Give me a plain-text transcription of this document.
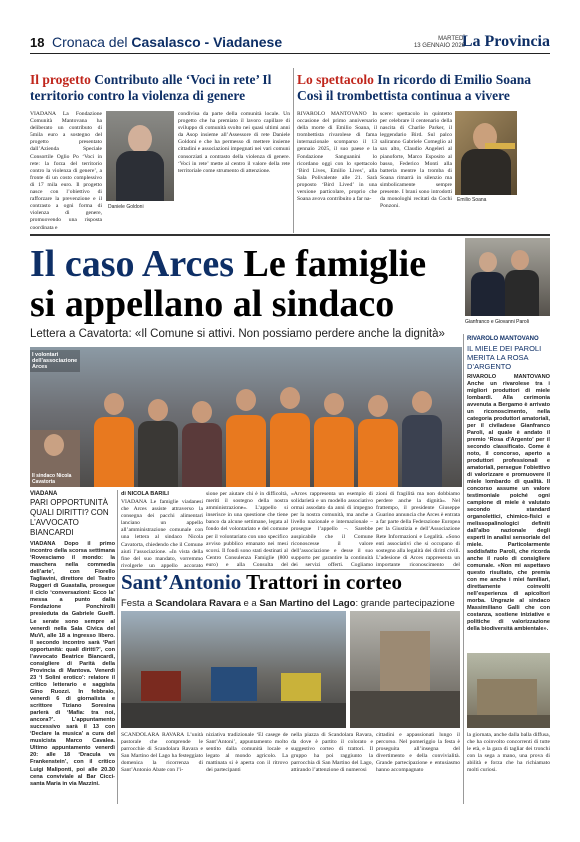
18 Cronaca del Casalasco - Viadanese	MARTEDÌ
13 GENNAIO 2026
La Provincia
Il progetto Contributo alle ‘Voci in rete’ Il territorio contro la violenza di genere
VIADANA La Fondazione Comunità Mantovana ha deliberato un contributo di 5mila euro a sostegno del progetto presentato dall’Azienda Speciale Consortile Oglio Po ‘Voci in rete: la forza del territorio contro la violenza di genere’, a fronte di un costo complessivo di 17 mila euro. Il progetto nasce con l’obiettivo di rafforzare la prevenzione e il contrasto a ogni forma di violenza di genere, promuovendo una risposta coordinata e
Daniele Goldoni
condivisa da parte della comunità locale. Un progetto che ha premiato il lavoro capillare di sviluppo di comunità svolto nei quasi ultimi anni da Asop insieme all’Assessore di rete Daniele Goldoni e che ha permesso di mettere insieme cittadini e associazioni impegnati nei vari comuni consorziati a contrasto della violenza di genere. ‘Voci in rete’ mette al centro il valore della rete territoriale come strumento di attenzione.
Lo spettacolo In ricordo di Emilio Soana Così il trombettista continua a vivere
RIVAROLO MANTOVANO In occasione del primo anniversario della morte di Emilio Soana, il trombettista rivarolese di fama internazionale scomparso il 13 gennaio 2025, il suo paese e la Fondazione Sanguanini lo ricordano oggi con lo spettacolo ‘Bird Lives, Emilio Lives’, alla Sala Polivalente alle 21. Sarà proposto ‘Bird Lived’ in una versione particolare, proprio che Soana avova contribuito a far na-
scere: spettacolo in quintetto per celebrare il centenario della nascita di Charlie Parker, il leggendario Bird. Sul palco saliranno Gabriele Comeglio al sax alto, Claudio Angeleri al pianoforte, Marco Esposito al basso, Federico Monti alla batteria mentre la tromba di Soana rimarrà in silenzio ma simbolicamente sempre presente. I brani sono introdotti da monologhi recitati da Cochi Ponzoni.
Emilio Soana
Il caso Arces Le famiglie si appellano al sindaco
Lettera a Cavatorta: «Il Comune si attivi. Non possiamo perdere anche la dignità»
Gianfranco e Giovanni Paroli
I volontari dell’associazione Arces
Il sindaco Nicola Cavatorta
RIVAROLO MANTOVANO
IL MIELE DEI PAROLI MERITA LA ROSA D’ARGENTO
RIVAROLO MANTOVANO Anche un rivarolese tra i migliori produttori di miele lombardi. Alla cerimonia avvenuta a Bergamo è arrivato un riconoscimento, nella categoria produttori amatoriali, per il civiladese Gianfranco Paroli, al quale è andato il premio ‘Rosa d’Argento’ per il secondo classificato. Come è noto, il concorso, aperto a produttori professionali e amatoriali, persegue l’obiettivo di valorizzare e promuovere il miele lombardo di qualità. Il concorso assume un valore testimoniale poiché ogni campione di miele è valutato secondo standard organolettici, chimico-fisici e melissopalinologici definiti dall’albo nazionale degli esperti in analisi sensoriale del miele. Particolarmente soddisfatto Paroli, che ricorda anche il ruolo di consigliere comunale. «Non mi aspettavo questo risultato, che premia con me anche i miei familiari, direttamente coinvolti nell’esperienza di apicoltori morba. Ungrazie al sindaco Massimiliano Galli che con costanza, sostiene iniziative e politiche di valorizzazione della biodiversità ambientale».
VIADANA
PARI OPPORTUNITÀ QUALI DIRITTI? CON L’AVVOCATO BIANCARDI
VIADANA Dopo il primo incontro della scorsa settimana ‘Rovesciamo il mondo: la maschera nella commedia dell’arte’, con Fiorello Tagliavini, direttore del Teatro Ruggeri di Guastalla, prosegue il ciclo ‘conversazioni: Ecco la’ messa a punto dalla Fondazione Ponchirolli presieduta da Gabriele Guelfi. Le serate sono sempre al venerdì nella Sala Civica del MuVi, alle 18 a ingresso libero. Il secondo incontro sarà ‘Pari opportunità: quali diritti?’, con l’avvocato Beatrice Biancardi, consigliere di Parità della Provincia di Mantova. Venerdì 23 ‘I Solini erotico’: relatore il critico letterario e saggista Gino Ruozzi. In febbraio, venerdì 6 di giornalista e scrittore Tiziano Soresina parlerà di ‘Mafia: tra noi, ancora?’. L’appuntamento successivo sarà il 13 con ‘Declare la musica’ a cura del musicista Marco Cavalea. Ultimo appuntamento venerdì 20: alle 18 ‘Dracula vs Frankenstein’, con il critico Luigi Maliponti, poi alle 20.30 cena conviviale al Bar Cicci-santa Maria in via Mazzini.
di NICOLA BARILI
VIADANA Le famiglie viadanesi che Arces assiste attraverso la consegna dei pacchi alimentari lanciano un appello all’amministrazione comunale con una lettera al sindaco Nicola Cavatorta, chiedendo che il Comune aiuti l’associazione. «In vista della fine del suo mandato, vorremmo rivolgerle un appello accorato
sione per aiutare chi è in difficoltà, meriti il sostegno della nostra amministrazione». L’appello si inserisce in una questione che tiene banco da alcune settimane, legata al fondo del volontariato e del comune per il volontariato con uno specifico avviso pubblico emanato nei mesi scorsi. Il fondi sono stati destinati al Centro Consulenza Famiglie (800 euro) e alla Consulta del
«Arces rappresenta un esempio di solidarietà e un modello associativo ormai assodato da anni di impegno per la nostra comunità, ma anche a livello nazionale e internazionale – prosegue l’appello –. Sarebbe auspicabile che il Comune riconoscesse il valore dell’associazione e desse il suo supporto per garantire la continuità dei servizi offerti. Cogliamo
zioni di fragilità ma non dobbiamo perdere anche la dignità». Nel frattempo, il presidente Giuseppe Guarino annuncia che Arces è entrata a far parte della Federazione Europea per la Giustizia e dell’Associazione Rete Informazioni e Legalità. «Sono enti associativi che si occupano di sostegno alla legalità dei diritti civili. L’adesione di Arces rappresenta un importante riconoscimento del
Sant’Antonio Trattori in corteo
Festa a Scandolara Ravara e a San Martino del Lago: grande partecipazione
SCANDOLARA RAVARA L’unità pastorale che comprende le parrocchie di Scandolara Ravara e San Martino del Lago ha festeggiato domenica la ricorrenza di Sant’Antonio Abate con l’i-
niziativa tradizionale ‘El casege de Sant’Antoni’, appuntamento molto sentito dalla comunità locale e legato al mondo agricolo. La mattinata si è aperta con il ritrovo dei partecipanti
nella piazza di Scandolara Ravara, da dove è partito il colorato e suggestivo corteo di trattori. Il gruppo ha poi raggiunto la parrocchia di San Martino del Lago, attirando l’attenzione di numerosi
cittadini e appassionati lungo il percorso. Nel pomeriggio la festa è proseguita all’insegna del divertimento e della convivialità. Grande partecipazione e entusiasmo hanno accompagnato
la giornata, anche dalla balla diffusa, che ha coinvolto concorrenti di tutte le età, e la gara di tagliar dei tronchi con la sega a mano, una prova di abilità e forza che ha richiamato molti curiosi.
